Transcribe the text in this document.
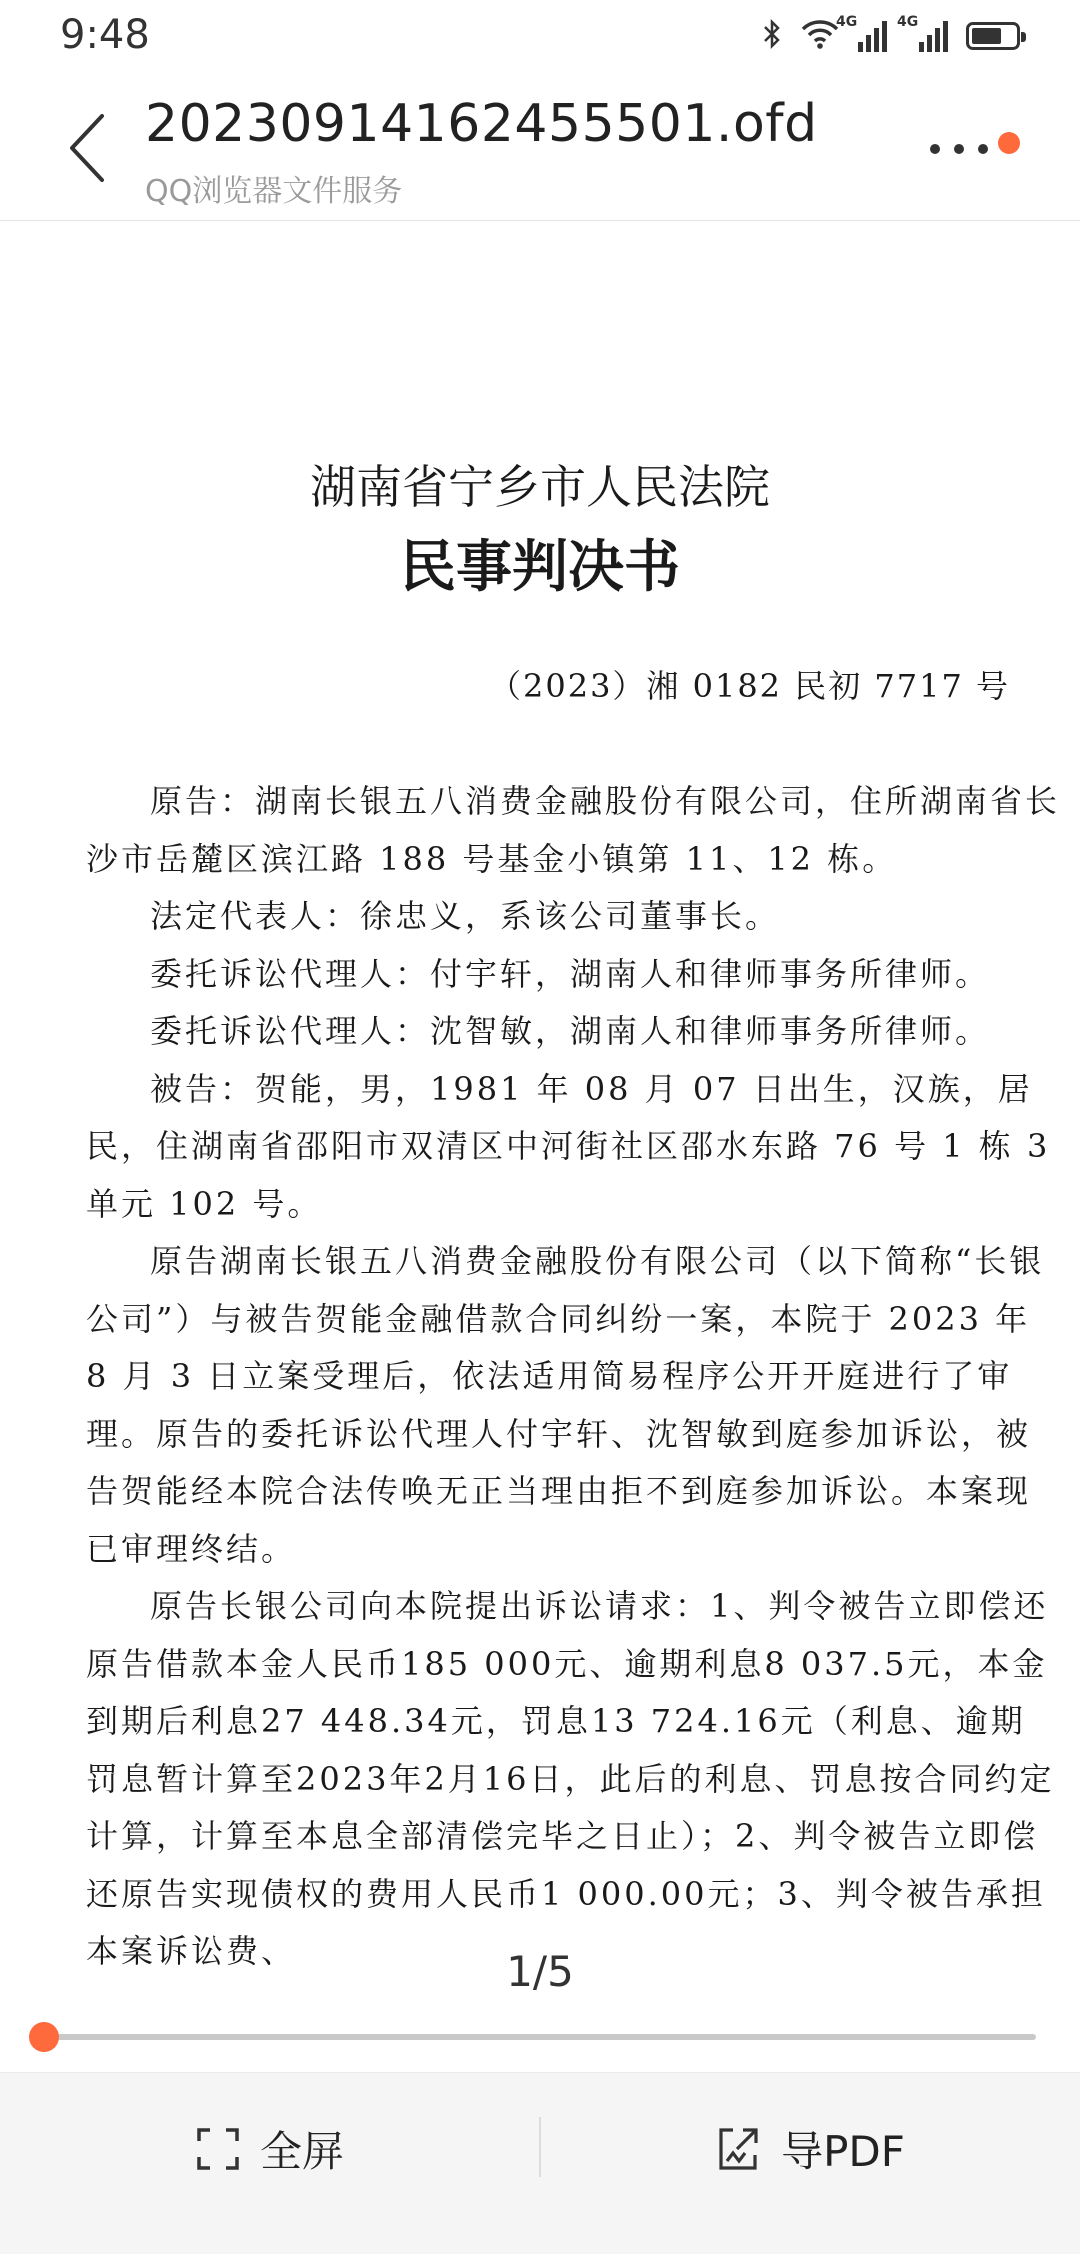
9:48	4G	4G
20230914162455501.ofd
QQ浏览器文件服务
湖南省宁乡市人民法院
民事判决书
（2023）湘 0182 民初 7717 号

原告：湖南长银五八消费金融股份有限公司，住所湖南省长沙市岳麓区滨江路 188 号基金小镇第 11、12 栋。

法定代表人：徐忠义，系该公司董事长。

委托诉讼代理人：付宇轩，湖南人和律师事务所律师。

委托诉讼代理人：沈智敏，湖南人和律师事务所律师。

被告：贺能，男，1981 年 08 月 07 日出生，汉族，居民，住湖南省邵阳市双清区中河街社区邵水东路 76 号 1 栋 3 单元 102 号。

原告湖南长银五八消费金融股份有限公司（以下简称“长银公司”）与被告贺能金融借款合同纠纷一案，本院于 2023 年 8 月 3 日立案受理后，依法适用简易程序公开开庭进行了审理。原告的委托诉讼代理人付宇轩、沈智敏到庭参加诉讼，被告贺能经本院合法传唤无正当理由拒不到庭参加诉讼。本案现已审理终结。

原告长银公司向本院提出诉讼请求：1、判令被告立即偿还原告借款本金人民币185 000元、逾期利息8 037.5元，本金到期后利息27 448.34元，罚息13 724.16元（利息、逾期罚息暂计算至2023年2月16日，此后的利息、罚息按合同约定计算，计算至本息全部清偿完毕之日止）；2、判令被告立即偿还原告实现债权的费用人民币1 000.00元；3、判令被告承担本案诉讼费、	1/5
全屏	导PDF
